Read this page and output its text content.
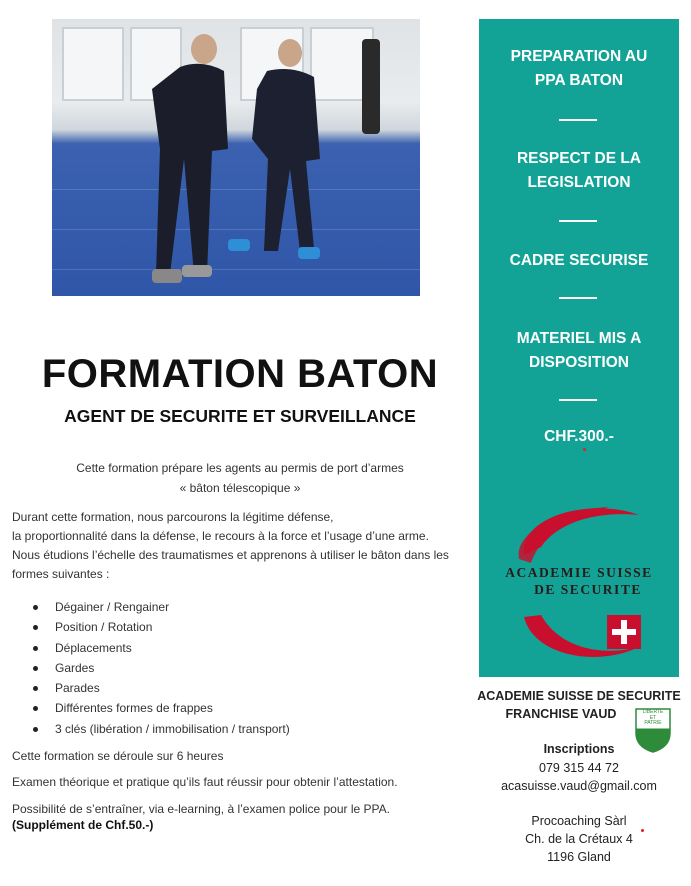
FORMATION BATON
AGENT DE SECURITE ET SURVEILLANCE
Cette formation prépare les agents au permis de port d’armes
« bâton télescopique »
Durant cette formation, nous parcourons la légitime défense,
la proportionnalité dans la défense, le recours à la force et l’usage d’une arme.
Nous étudions l’échelle des traumatismes et apprenons à utiliser le bâton dans les
formes suivantes :
Dégainer / Rengainer
Position / Rotation
Déplacements
Gardes
Parades
Différentes formes de frappes
3 clés (libération / immobilisation / transport)
Cette formation se déroule sur 6 heures
Examen théorique et pratique qu’ils faut réussir pour obtenir l’attestation.
Possibilité de s’entraîner, via e-learning, à l’examen police pour le PPA.
(Supplément de Chf.50.-)
PREPARATION AU
PPA BATON
RESPECT DE LA
LEGISLATION
CADRE SECURISE
MATERIEL MIS A
DISPOSITION
CHF.300.-
ACADEMIE SUISSE
DE SECURITE
ACADEMIE SUISSE DE SECURITE
FRANCHISE VAUD	LIBERTE
ET
PATRIE
Inscriptions
079 315 44 72
acasuisse.vaud@gmail.com
Procoaching Sàrl
Ch. de la Crétaux 4
1196 Gland
